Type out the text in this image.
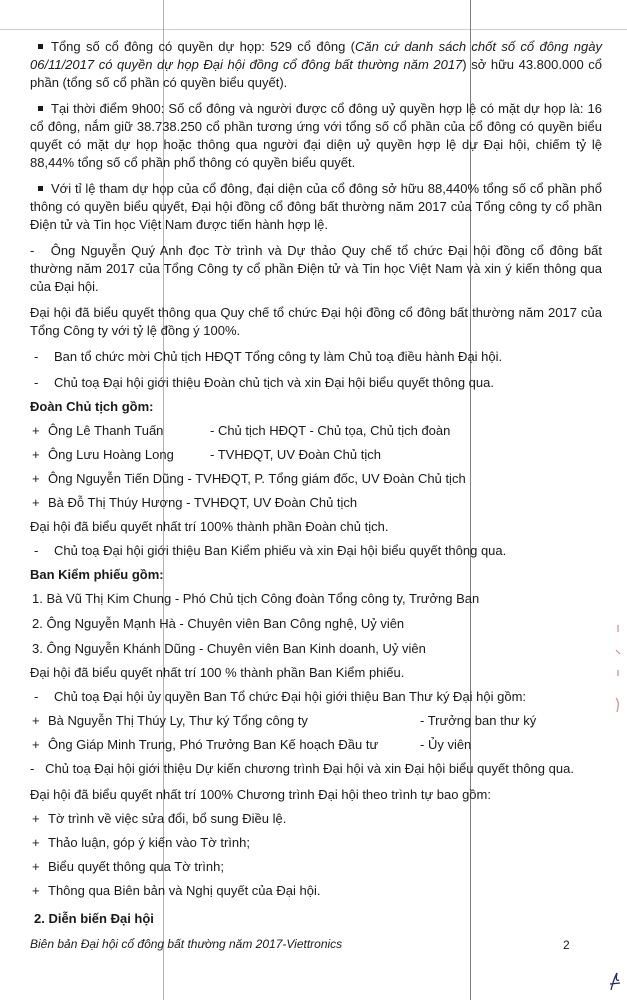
Tổng số cổ đông có quyền dự họp: 529 cổ đông (Căn cứ danh sách chốt số cổ đông ngày 06/11/2017 có quyền dự họp Đại hội đồng cổ đông bất thường năm 2017) sở hữu 43.800.000 cổ phần (tổng số cổ phần có quyền biểu quyết).

Tại thời điểm 9h00: Số cổ đông và người được cổ đông uỷ quyền hợp lệ có mặt dự họp là: 16 cổ đông, nắm giữ 38.738.250 cổ phần tương ứng với tổng số cổ phần của cổ đông có quyền biểu quyết có mặt dự họp hoặc thông qua người đại diện uỷ quyền hợp lệ dự Đại hội, chiếm tỷ lệ 88,44% tổng số cổ phần phổ thông có quyền biểu quyết.

Với tỉ lệ tham dự họp của cổ đông, đại diện của cổ đông sở hữu 88,440% tổng số cổ phần phổ thông có quyền biểu quyết, Đại hội đồng cổ đông bất thường năm 2017 của Tổng công ty cổ phần Điện tử và Tin học Việt Nam được tiến hành hợp lệ.

-   Ông Nguyễn Quý Anh đọc Tờ trình và Dự thảo Quy chế tổ chức Đại hội đồng cổ đông bất thường năm 2017 của Tổng Công ty cổ phần Điện tử và Tin học Việt Nam và xin ý kiến thông qua của Đại hội.

Đại hội đã biểu quyết thông qua Quy chế tổ chức Đại hội đồng cổ đông bất thường năm 2017 của Tổng Công ty với tỷ lệ đồng ý 100%.

- Ban tổ chức mời Chủ tịch HĐQT Tổng công ty làm Chủ toạ điều hành Đại hội.

- Chủ toạ Đại hội giới thiệu Đoàn chủ tịch và xin Đại hội biểu quyết thông qua.

Đoàn Chủ tịch gồm:

+ Ông Lê Thanh Tuấn	- Chủ tịch HĐQT - Chủ tọa, Chủ tịch đoàn
+ Ông Lưu Hoàng Long	- TVHĐQT, UV Đoàn Chủ tịch
+ Ông Nguyễn Tiến Dũng - TVHĐQT, P. Tổng giám đốc, UV Đoàn Chủ tịch
+ Bà Đỗ Thị Thúy Hương - TVHĐQT, UV Đoàn Chủ tịch

Đại hội đã biểu quyết nhất trí 100% thành phần Đoàn chủ tịch.

- Chủ toạ Đại hội giới thiệu Ban Kiểm phiếu và xin Đại hội biểu quyết thông qua.

Ban Kiểm phiếu gồm:

1. Bà Vũ Thị Kim Chung - Phó Chủ tịch Công đoàn Tổng công ty, Trưởng Ban

2. Ông Nguyễn Mạnh Hà - Chuyên viên Ban Công nghệ, Uỷ viên

3. Ông Nguyễn Khánh Dũng - Chuyên viên Ban Kinh doanh, Uỷ viên

Đại hội đã biểu quyết nhất trí 100 % thành phần Ban Kiểm phiếu.

- Chủ toạ Đại hội ủy quyền Ban Tổ chức Đại hội giới thiệu Ban Thư ký Đại hội gồm:

+ Bà Nguyễn Thị Thúy Ly, Thư ký Tổng công ty	- Trưởng ban thư ký
+ Ông Giáp Minh Trung, Phó Trưởng Ban Kế hoạch Đầu tư	- Ủy viên

-   Chủ toạ Đại hội giới thiệu Dự kiến chương trình Đại hội và xin Đại hội biểu quyết thông qua.

Đại hội đã biểu quyết nhất trí 100% Chương trình Đại hội theo trình tự bao gồm:

+ Tờ trình về việc sửa đổi, bổ sung Điều lệ.
+ Thảo luận, góp ý kiến vào Tờ trình;
+ Biểu quyết thông qua Tờ trình;
+ Thông qua Biên bản và Nghị quyết của Đại hội.

2. Diễn biến Đại hội

Biên bản Đại hội cổ đông bất thường năm 2017-Viettronics	2
